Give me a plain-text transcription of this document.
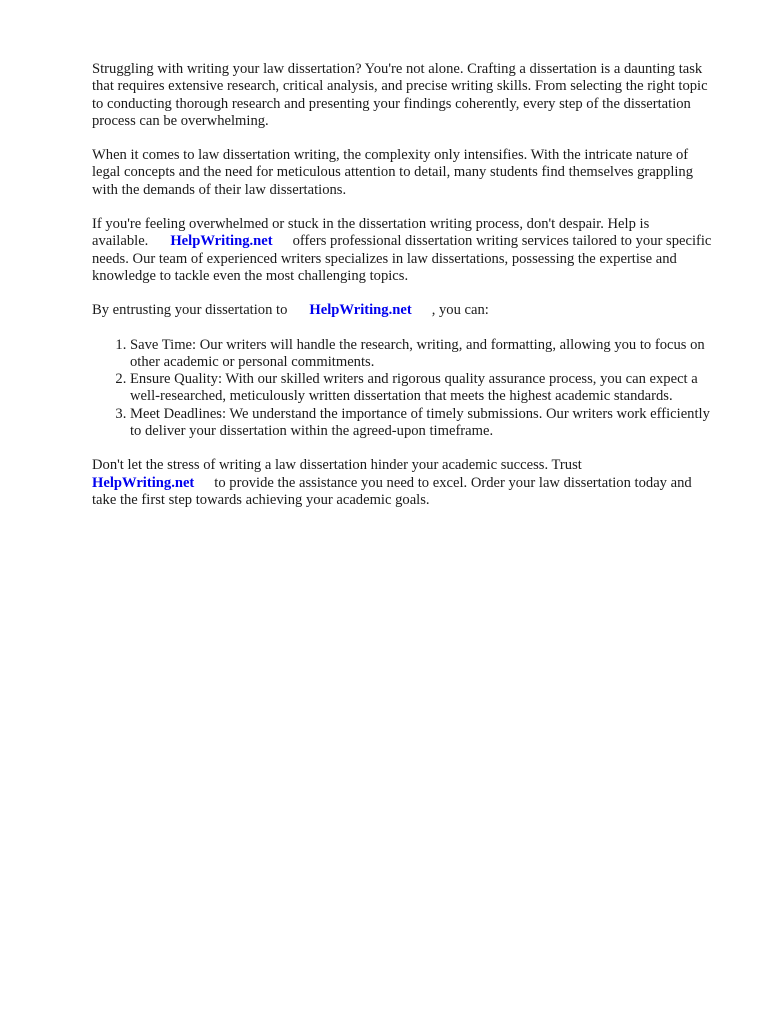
Struggling with writing your law dissertation? You're not alone. Crafting a dissertation is a daunting task that requires extensive research, critical analysis, and precise writing skills. From selecting the right topic to conducting thorough research and presenting your findings coherently, every step of the dissertation process can be overwhelming.

When it comes to law dissertation writing, the complexity only intensifies. With the intricate nature of legal concepts and the need for meticulous attention to detail, many students find themselves grappling with the demands of their law dissertations.

If you're feeling overwhelmed or stuck in the dissertation writing process, don't despair. Help is available. HelpWriting.net offers professional dissertation writing services tailored to your specific needs. Our team of experienced writers specializes in law dissertations, possessing the expertise and knowledge to tackle even the most challenging topics.

By entrusting your dissertation to HelpWriting.net , you can:

1. Save Time: Our writers will handle the research, writing, and formatting, allowing you to focus on other academic or personal commitments.
2. Ensure Quality: With our skilled writers and rigorous quality assurance process, you can expect a well-researched, meticulously written dissertation that meets the highest academic standards.
3. Meet Deadlines: We understand the importance of timely submissions. Our writers work efficiently to deliver your dissertation within the agreed-upon timeframe.

Don't let the stress of writing a law dissertation hinder your academic success. Trust HelpWriting.net to provide the assistance you need to excel. Order your law dissertation today and take the first step towards achieving your academic goals.
